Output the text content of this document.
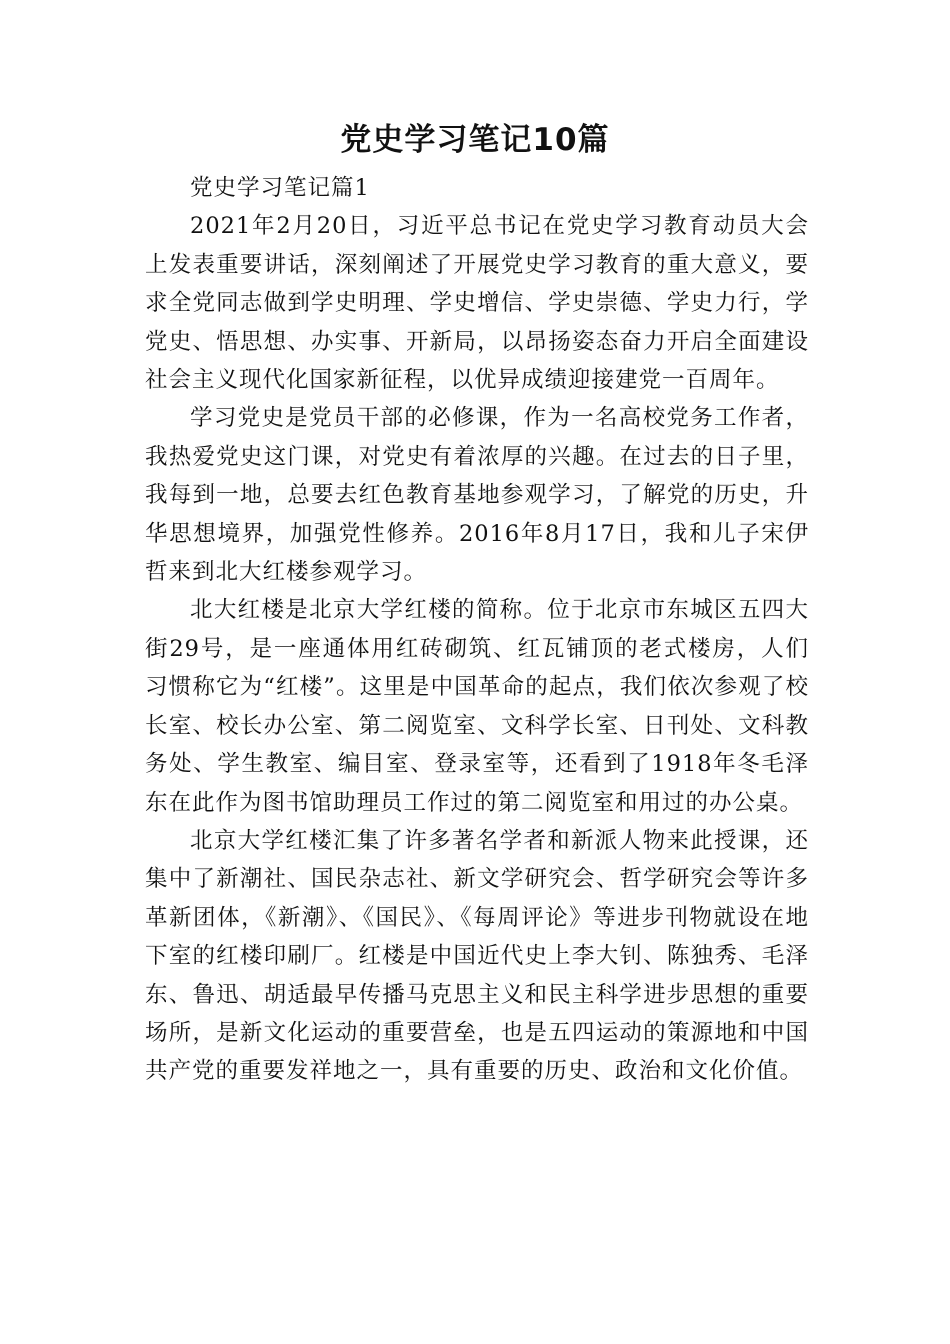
党史学习笔记10篇

党史学习笔记篇1

2021年2月20日，习近平总书记在党史学习教育动员大会上发表重要讲话，深刻阐述了开展党史学习教育的重大意义，要求全党同志做到学史明理、学史增信、学史崇德、学史力行，学党史、悟思想、办实事、开新局，以昂扬姿态奋力开启全面建设社会主义现代化国家新征程，以优异成绩迎接建党一百周年。

学习党史是党员干部的必修课，作为一名高校党务工作者，我热爱党史这门课，对党史有着浓厚的兴趣。在过去的日子里，我每到一地，总要去红色教育基地参观学习，了解党的历史，升华思想境界，加强党性修养。2016年8月17日，我和儿子宋伊哲来到北大红楼参观学习。

北大红楼是北京大学红楼的简称。位于北京市东城区五四大街29号，是一座通体用红砖砌筑、红瓦铺顶的老式楼房，人们习惯称它为“红楼”。这里是中国革命的起点，我们依次参观了校长室、校长办公室、第二阅览室、文科学长室、日刊处、文科教务处、学生教室、编目室、登录室等，还看到了1918年冬毛泽东在此作为图书馆助理员工作过的第二阅览室和用过的办公桌。

北京大学红楼汇集了许多著名学者和新派人物来此授课，还集中了新潮社、国民杂志社、新文学研究会、哲学研究会等许多革新团体，《新潮》、《国民》、《每周评论》等进步刊物就设在地下室的红楼印刷厂。红楼是中国近代史上李大钊、陈独秀、毛泽东、鲁迅、胡适最早传播马克思主义和民主科学进步思想的重要场所，是新文化运动的重要营垒，也是五四运动的策源地和中国共产党的重要发祥地之一，具有重要的历史、政治和文化价值。
